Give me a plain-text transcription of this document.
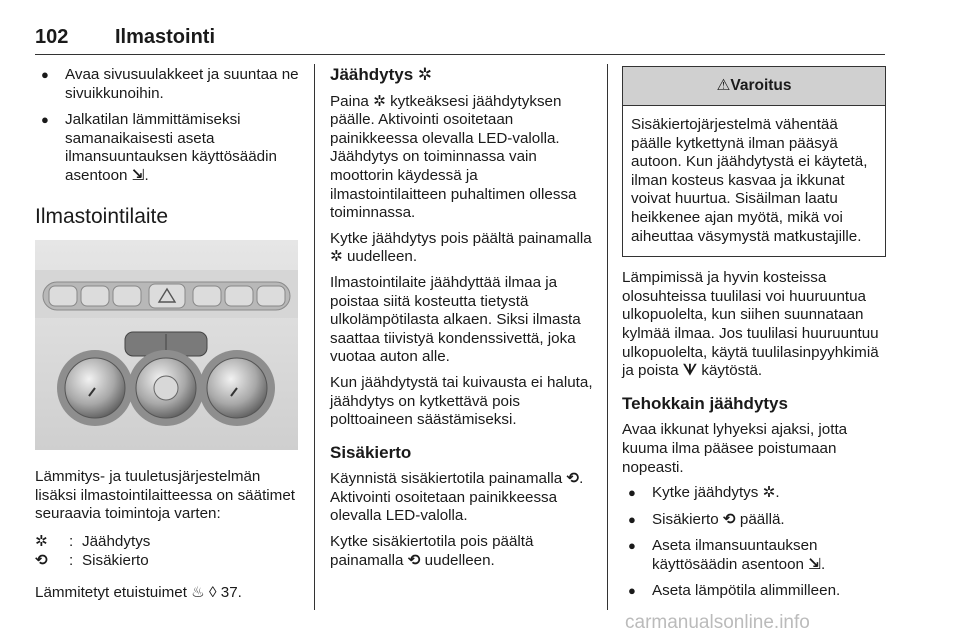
102 Ilmastointi
● Avaa sivusuulakkeet ja suuntaa ne sivuikkunoihin.
● Jalkatilan lämmittämiseksi samanaikaisesti aseta ilmansuuntauksen käyttösäädin asentoon ⇲.
Ilmastointilaite

Lämmitys- ja tuuletusjärjestelmän lisäksi ilmastointilaitteessa on säätimet seuraavia toimintoja varten:

✲	: Jäähdytys
⟲	: Sisäkierto

Lämmitetyt etuistuimet ♨ ◊ 37.

Jäähdytys ✲

Paina ✲ kytkeäksesi jäähdytyksen päälle. Aktivointi osoitetaan painikkeessa olevalla LED-valolla. Jäähdytys on toiminnassa vain moottorin käydessä ja ilmastointilaitteen puhaltimen ollessa toiminnassa.

Kytke jäähdytys pois päältä painamalla ✲ uudelleen.

Ilmastointilaite jäähdyttää ilmaa ja poistaa siitä kosteutta tietystä ulkolämpötilasta alkaen. Siksi ilmasta saattaa tiivistyä kondenssivettä, joka vuotaa auton alle.

Kun jäähdytystä tai kuivausta ei haluta, jäähdytys on kytkettävä pois polttoaineen säästämiseksi.

Sisäkierto

Käynnistä sisäkiertotila painamalla ⟲. Aktivointi osoitetaan painikkeessa olevalla LED-valolla.

Kytke sisäkiertotila pois päältä painamalla ⟲ uudelleen.

⚠Varoitus
Sisäkiertojärjestelmä vähentää päälle kytkettynä ilman pääsyä autoon. Kun jäähdytystä ei käytetä, ilman kosteus kasvaa ja ikkunat voivat huurtua. Sisäilman laatu heikkenee ajan myötä, mikä voi aiheuttaa väsymystä matkustajille.

Lämpimissä ja hyvin kosteissa olosuhteissa tuulilasi voi huuruuntua ulkopuolelta, kun siihen suunnataan kylmää ilmaa. Jos tuulilasi huuruuntuu ulkopuolelta, käytä tuulilasinpyyhkimiä ja poista ᗐ käytöstä.

Tehokkain jäähdytys

Avaa ikkunat lyhyeksi ajaksi, jotta kuuma ilma pääsee poistumaan nopeasti.

● Kytke jäähdytys ✲.
● Sisäkierto ⟲ päällä.
● Aseta ilmansuuntauksen käyttösäädin asentoon ⇲.
● Aseta lämpötila alimmilleen.
carmanualsonline.info
